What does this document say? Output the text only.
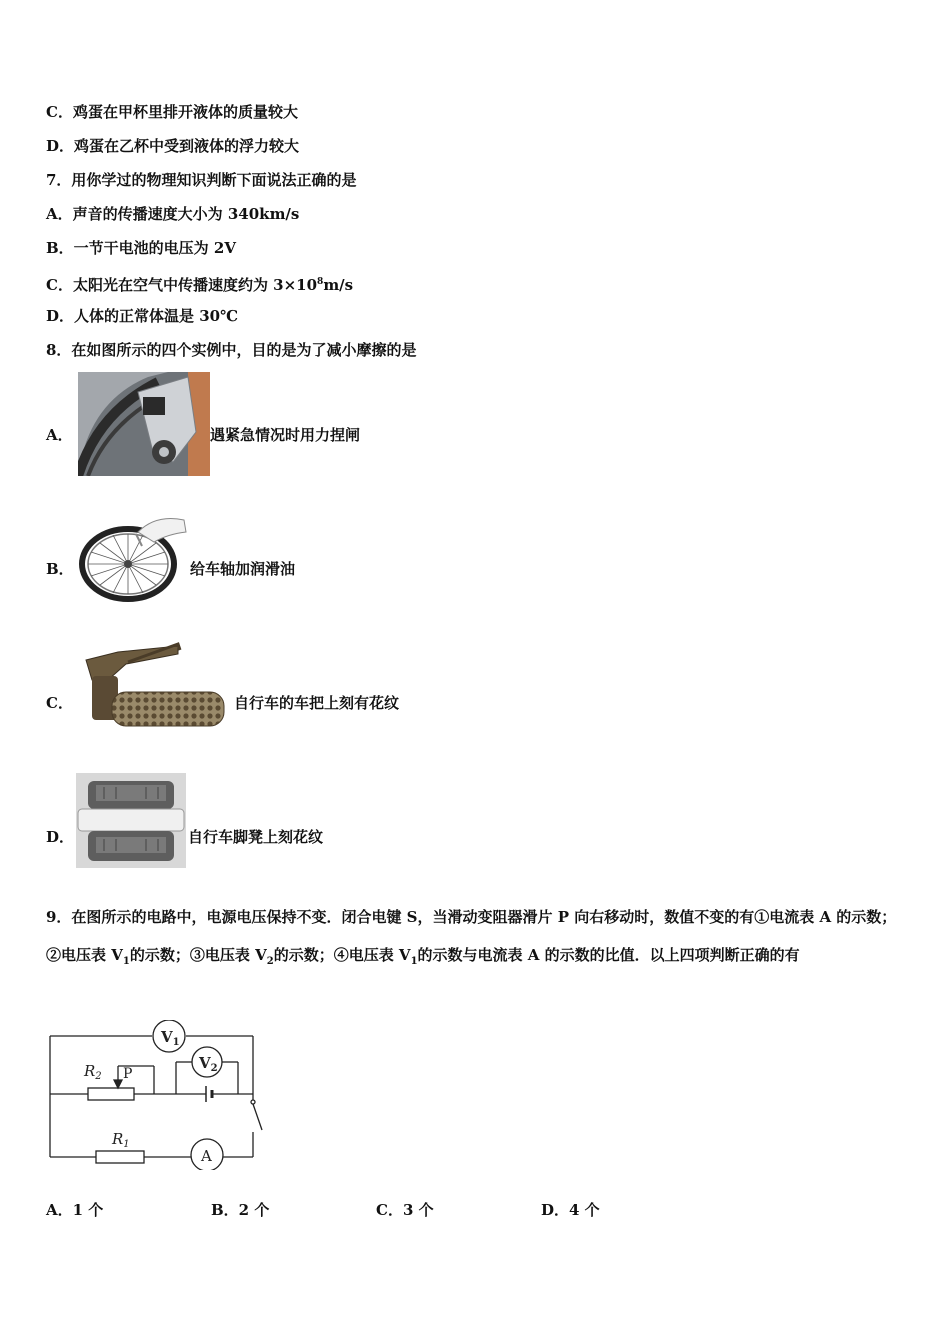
C．鸡蛋在甲杯里排开液体的质量较大
D．鸡蛋在乙杯中受到液体的浮力较大
7．用你学过的物理知识判断下面说法正确的是
A．声音的传播速度大小为 340km/s
B．一节干电池的电压为 2V
C．太阳光在空气中传播速度约为 $3\times 10^8m/s$
D．人体的正常体温是 30℃
8．在如图所示的四个实例中，目的是为了减小摩擦的是
A．	遇紧急情况时用力捏闸
B．	给车轴加润滑油
C．	自行车的车把上刻有花纹
D．	自行车脚凳上刻花纹
9．在图所示的电路中，电源电压保持不变．闭合电键 S，当滑动变阻器滑片 P 向右移动时，数值不变的有①电流表 A 的示数；②电压表 $V_1$的示数；③电压表 $V_2$的示数；④电压表 $V_1$的示数与电流表 A 的示数的比值．以上四项判断正确的有
$V_1$
$V_2$
$R_2$ P
$R_1$
A
A．1 个	B．2 个	C．3 个	D．4 个
